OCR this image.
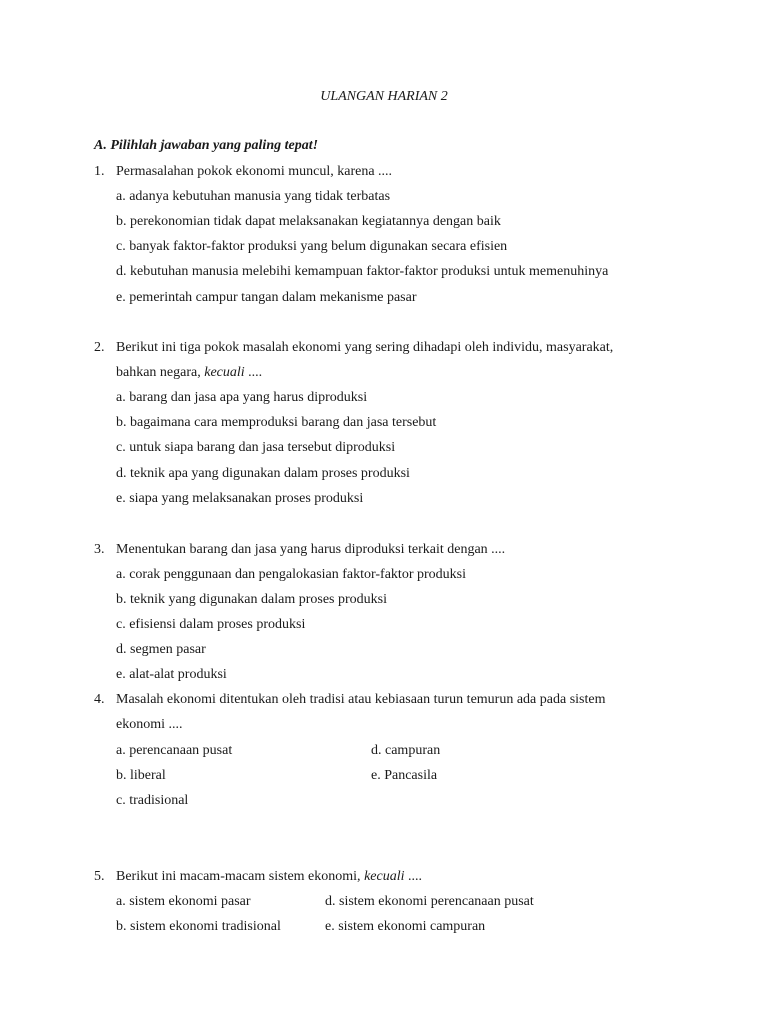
ULANGAN HARIAN 2
A. Pilihlah jawaban yang paling tepat!
1. Permasalahan pokok ekonomi muncul, karena ....
a. adanya kebutuhan manusia yang tidak terbatas
b. perekonomian tidak dapat melaksanakan kegiatannya dengan baik
c. banyak faktor-faktor produksi yang belum digunakan secara efisien
d. kebutuhan manusia melebihi kemampuan faktor-faktor produksi untuk memenuhinya
e. pemerintah campur tangan dalam mekanisme pasar
2. Berikut ini tiga pokok masalah ekonomi yang sering dihadapi oleh individu, masyarakat,
bahkan negara, kecuali ....
a. barang dan jasa apa yang harus diproduksi
b. bagaimana cara memproduksi barang dan jasa tersebut
c. untuk siapa barang dan jasa tersebut diproduksi
d. teknik apa yang digunakan dalam proses produksi
e. siapa yang melaksanakan proses produksi
3. Menentukan barang dan jasa yang harus diproduksi terkait dengan ....
a. corak penggunaan dan pengalokasian faktor-faktor produksi
b. teknik yang digunakan dalam proses produksi
c. efisiensi dalam proses produksi
d. segmen pasar
e. alat-alat produksi
4. Masalah ekonomi ditentukan oleh tradisi atau kebiasaan turun temurun ada pada sistem
ekonomi ....
a. perencanaan pusat	d. campuran
b. liberal	e. Pancasila
c. tradisional
5. Berikut ini macam-macam sistem ekonomi, kecuali ....
a. sistem ekonomi pasar	d. sistem ekonomi perencanaan pusat
b. sistem ekonomi tradisional	e. sistem ekonomi campuran
